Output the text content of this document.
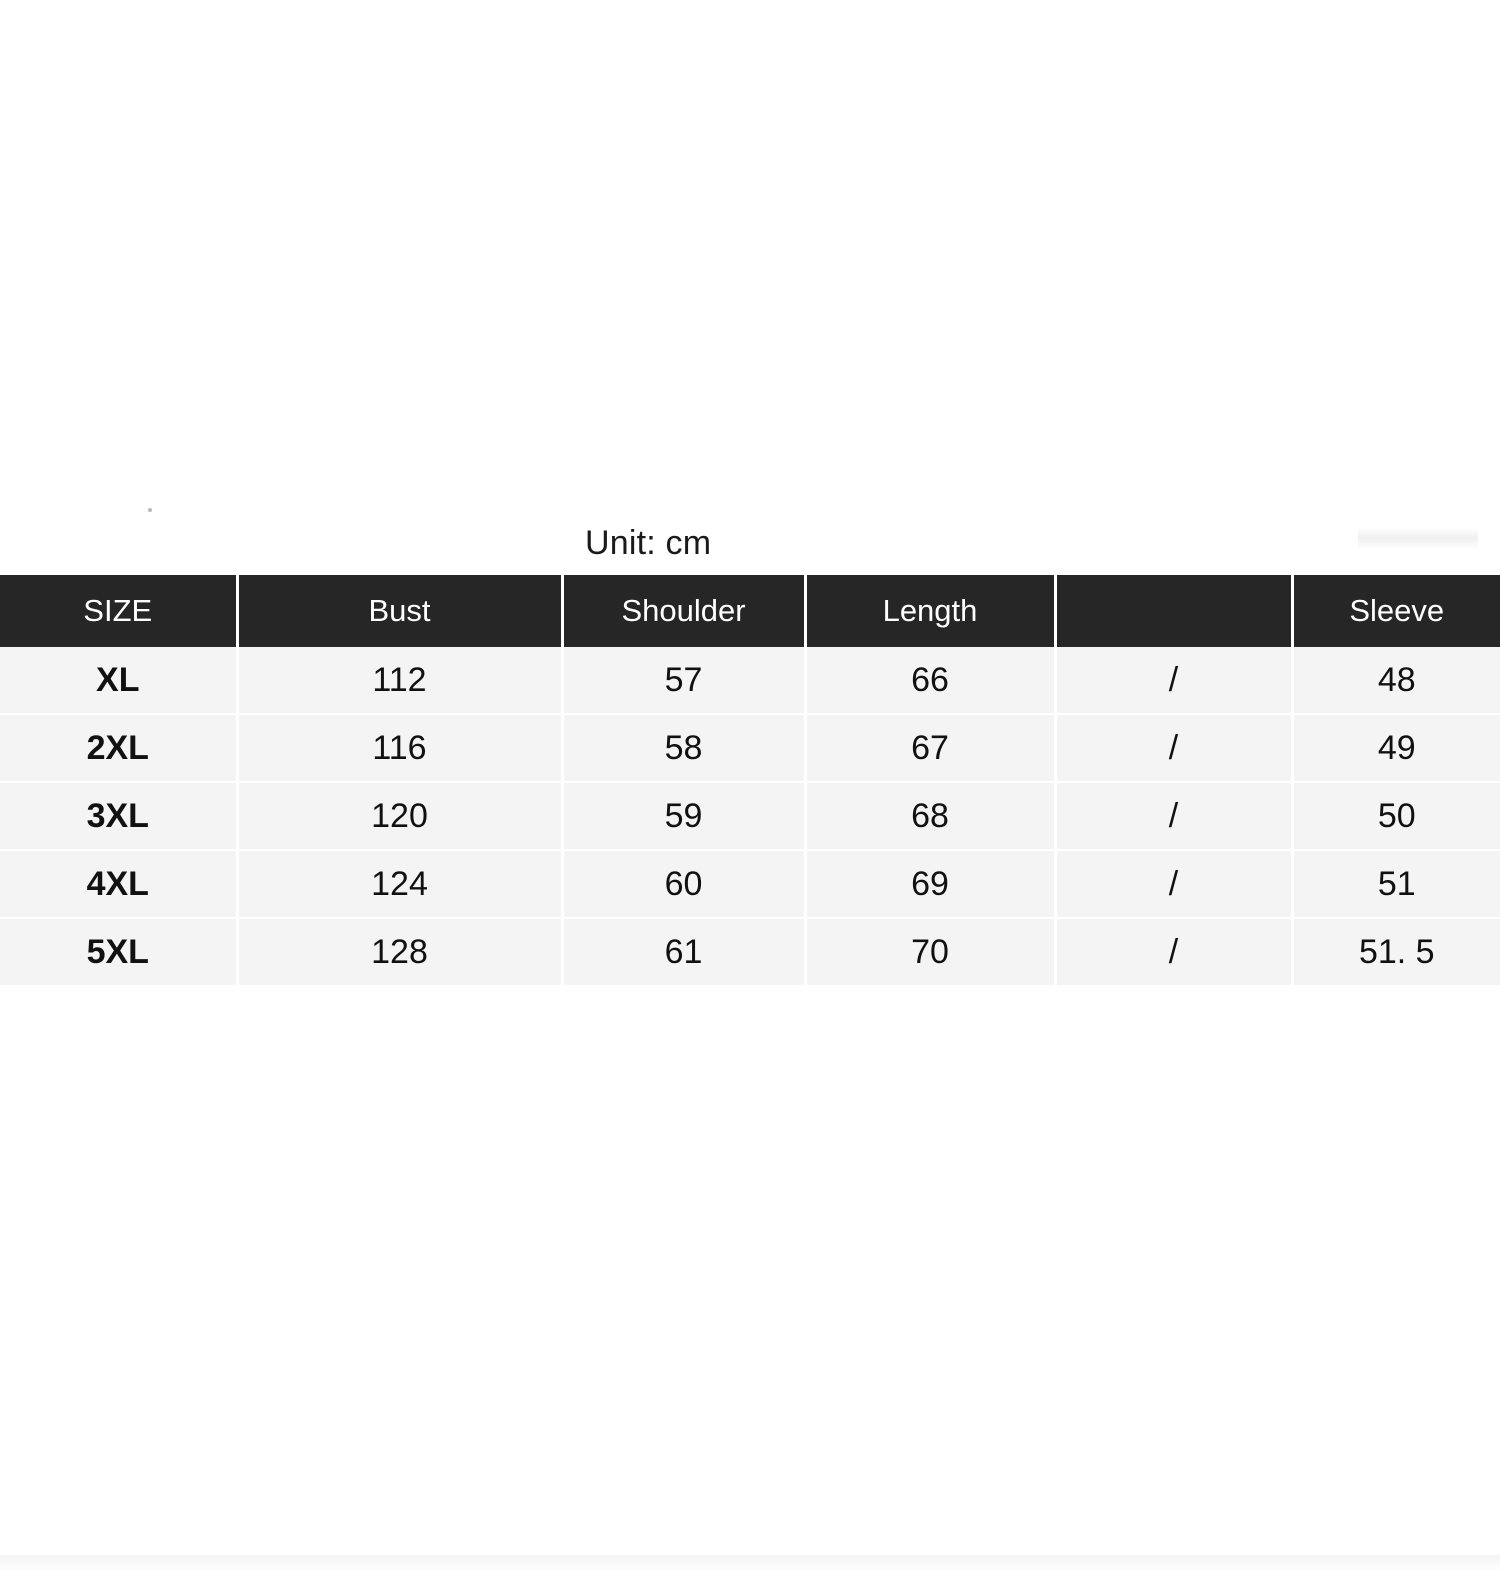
Unit: cm
SIZE	Bust	Shoulder	Length		Sleeve
XL	112	57	66	/	48
2XL	116	58	67	/	49
3XL	120	59	68	/	50
4XL	124	60	69	/	51
5XL	128	61	70	/	51. 5
